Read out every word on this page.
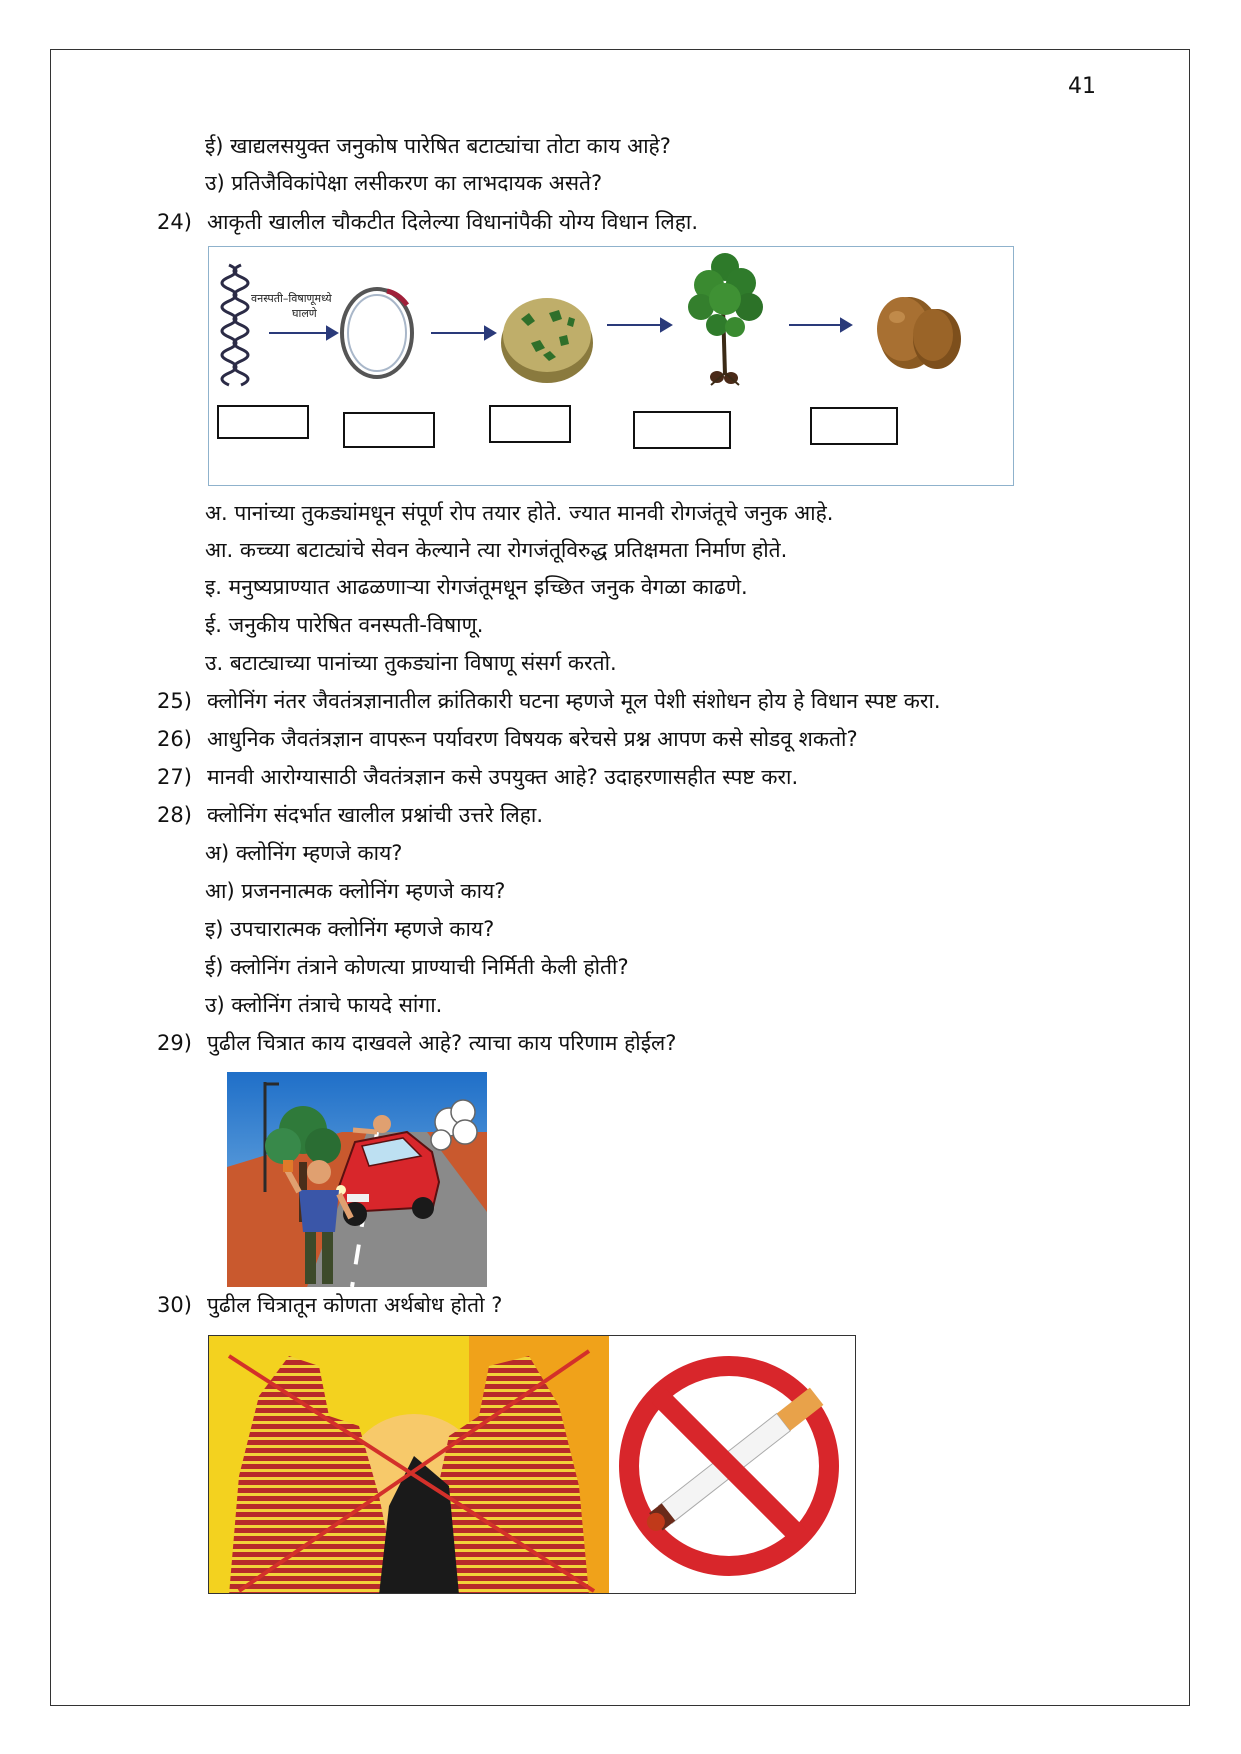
41
ई) खाद्यलसयुक्त जनुकोष पारेषित बटाट्यांचा तोटा काय आहे?
उ) प्रतिजैविकांपेक्षा लसीकरण का लाभदायक असते?
24) आकृती खालील चौकटीत दिलेल्या विधानांपैकी योग्य विधान लिहा.
वनस्पती–विषाणूमध्ये
घालणे
अ. पानांच्या तुकड्यांमधून संपूर्ण रोप तयार होते. ज्यात मानवी रोगजंतूचे जनुक आहे.
आ. कच्च्या बटाट्यांचे सेवन केल्याने त्या रोगजंतूविरुद्ध प्रतिक्षमता निर्माण होते.
इ. मनुष्यप्राण्यात आढळणाऱ्या रोगजंतूमधून इच्छित जनुक वेगळा काढणे.
ई. जनुकीय पारेषित वनस्पती-विषाणू.
उ. बटाट्याच्या पानांच्या तुकड्यांना विषाणू संसर्ग करतो.
25) क्लोनिंग नंतर जैवतंत्रज्ञानातील क्रांतिकारी घटना म्हणजे मूल पेशी संशोधन होय हे विधान स्पष्ट करा.
26) आधुनिक जैवतंत्रज्ञान वापरून पर्यावरण विषयक बरेचसे प्रश्न आपण कसे सोडवू शकतो?
27) मानवी आरोग्यासाठी जैवतंत्रज्ञान कसे उपयुक्त आहे? उदाहरणासहीत स्पष्ट करा.
28) क्लोनिंग संदर्भात खालील प्रश्नांची उत्तरे लिहा.
अ) क्लोनिंग म्हणजे काय?
आ) प्रजननात्मक क्लोनिंग म्हणजे काय?
इ) उपचारात्मक क्लोनिंग म्हणजे काय?
ई) क्लोनिंग तंत्राने कोणत्या प्राण्याची निर्मिती केली होती?
उ) क्लोनिंग तंत्राचे फायदे सांगा.
29) पुढील चित्रात काय दाखवले आहे? त्याचा काय परिणाम होईल?
30) पुढील चित्रातून कोणता अर्थबोध होतो ?
